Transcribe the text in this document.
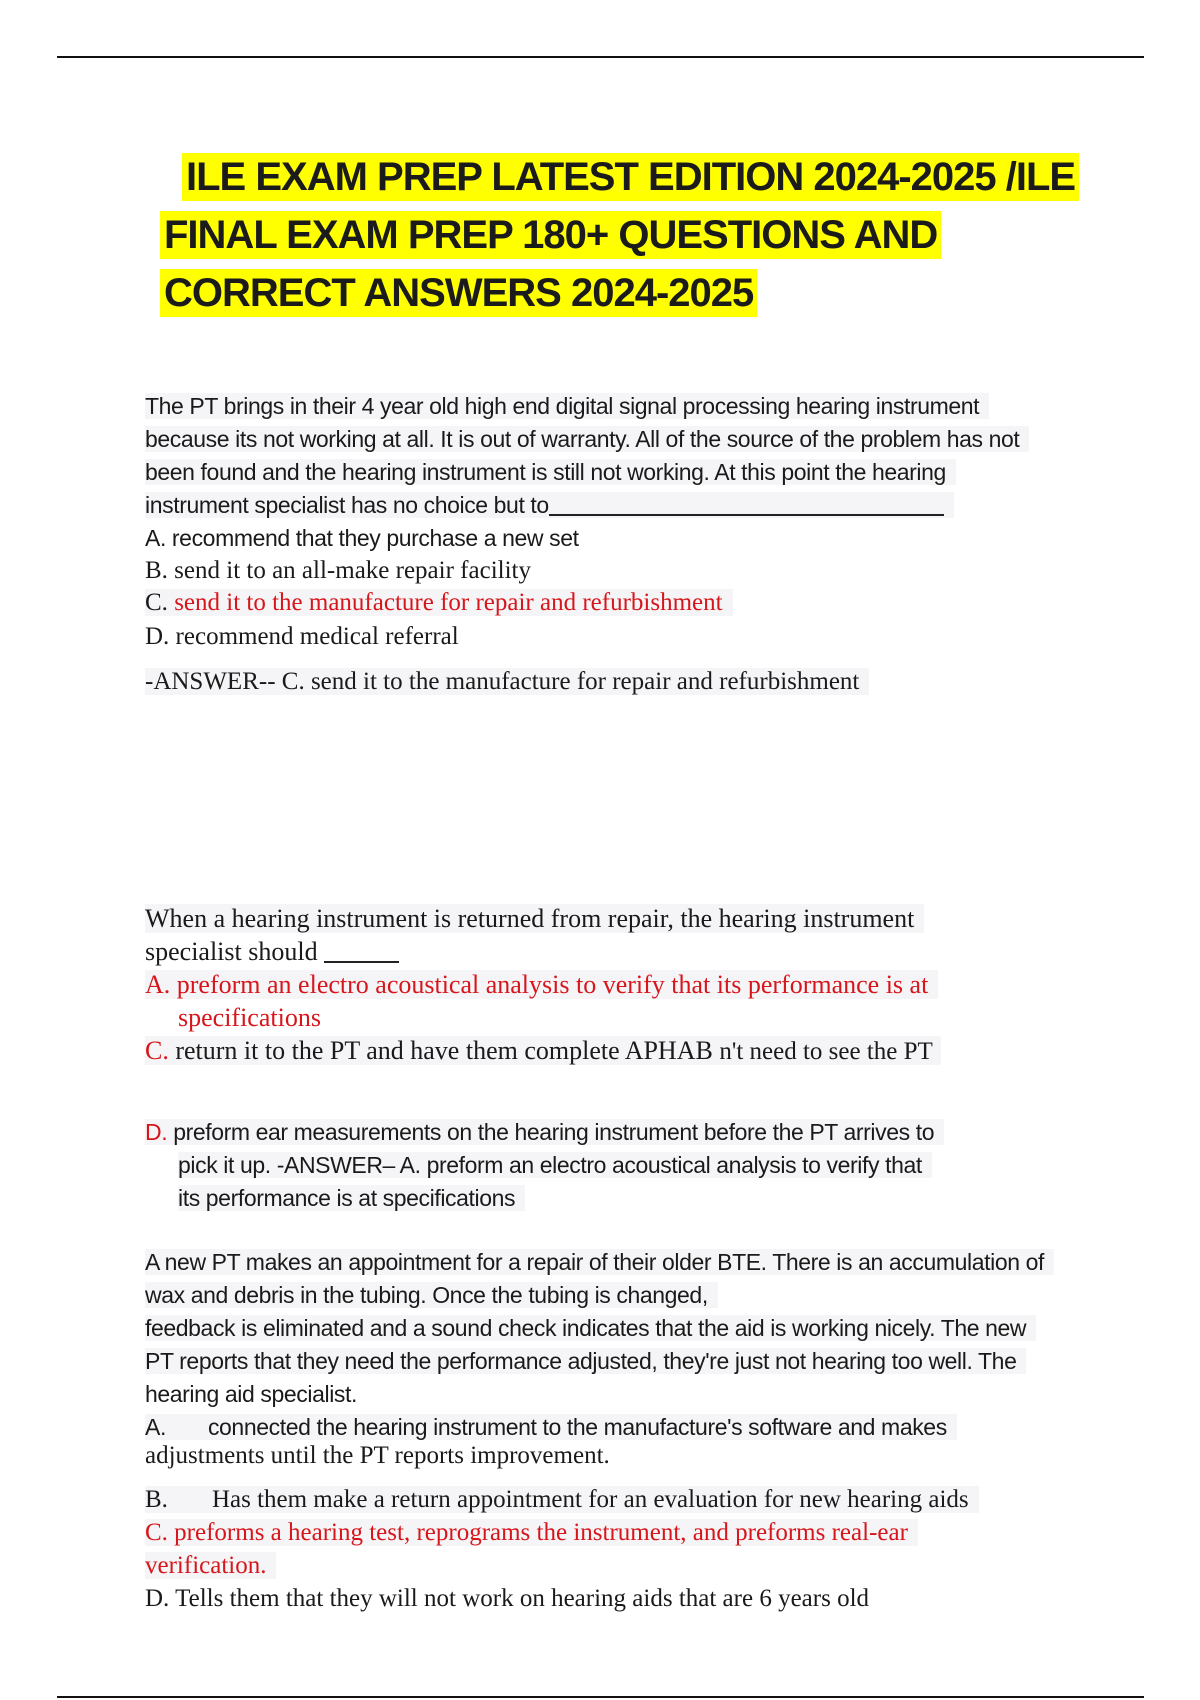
ILE EXAM PREP LATEST EDITION 2024-2025 /ILE
FINAL EXAM PREP 180+ QUESTIONS AND
CORRECT ANSWERS 2024-2025
The PT brings in their 4 year old high end digital signal processing hearing instrument
because its not working at all. It is out of warranty. All of the source of the problem has not
been found and the hearing instrument is still not working. At this point the hearing
instrument specialist has no choice but to
A. recommend that they purchase a new set
B. send it to an all-make repair facility
C. send it to the manufacture for repair and refurbishment
D. recommend medical referral
-ANSWER-- C. send it to the manufacture for repair and refurbishment
When a hearing instrument is returned from repair, the hearing instrument
specialist should
A. preform an electro acoustical analysis to verify that its performance is at
specifications
C. return it to the PT and have them complete APHAB n't need to see the PT
D. preform ear measurements on the hearing instrument before the PT arrives to
pick it up. -ANSWER– A. preform an electro acoustical analysis to verify that
its performance is at specifications
A new PT makes an appointment for a repair of their older BTE. There is an accumulation of
wax and debris in the tubing. Once the tubing is changed,
feedback is eliminated and a sound check indicates that the aid is working nicely. The new
PT reports that they need the performance adjusted, they're just not hearing too well. The
hearing aid specialist.
A. connected the hearing instrument to the manufacture's software and makes
adjustments until the PT reports improvement.
B. Has them make a return appointment for an evaluation for new hearing aids
C. preforms a hearing test, reprograms the instrument, and preforms real-ear
verification.
D. Tells them that they will not work on hearing aids that are 6 years old
